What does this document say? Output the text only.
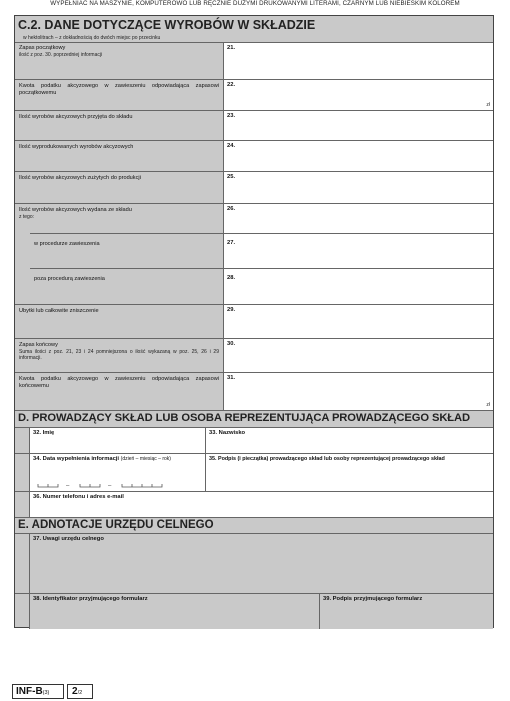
WYPEŁNIAĆ NA MASZYNIE, KOMPUTEROWO LUB RĘCZNIE DUŻYMI DRUKOWANYMI LITERAMI, CZARNYM LUB NIEBIESKIM KOLOREM
C.2. DANE DOTYCZĄCE WYROBÓW W SKŁADZIE
w hektolitrach – z dokładnością do dwóch miejsc po przecinku
Zapas początkowy
ilość z poz. 30. poprzedniej informacji
21.
Kwota podatku akcyzowego w zawieszeniu odpowiadająca zapasowi początkowemu
22.
zł
Ilość wyrobów akcyzowych przyjęta do składu	23.
Ilość wyprodukowanych wyrobów akcyzowych	24.
Ilość wyrobów akcyzowych zużytych do produkcji	25.
Ilość wyrobów akcyzowych wydana ze składu
z tego:
26.
w procedurze zawieszenia	27.
poza procedurą zawieszenia	28.
Ubytki lub całkowite zniszczenie	29.
Zapas końcowy
Suma ilości z poz. 21, 23 i 24 pomniejszona o ilość wykazaną w poz. 25, 26 i 29 informacji.
30.
Kwota podatku akcyzowego w zawieszeniu odpowiadająca zapasowi końcowemu
31.
zł
D. PROWADZĄCY SKŁAD LUB OSOBA REPREZENTUJĄCA PROWADZĄCEGO SKŁAD
32. Imię	33. Nazwisko
34. Data wypełnienia informacji (dzień – miesiąc – rok)
–	–
35. Podpis (i pieczątka) prowadzącego skład lub osoby reprezentującej prowadzącego skład
36. Numer telefonu i adres e-mail
E. ADNOTACJE URZĘDU CELNEGO
37. Uwagi urzędu celnego
38. Identyfikator przyjmującego formularz	39. Podpis przyjmującego formularz
INF-B(3)	2/2
